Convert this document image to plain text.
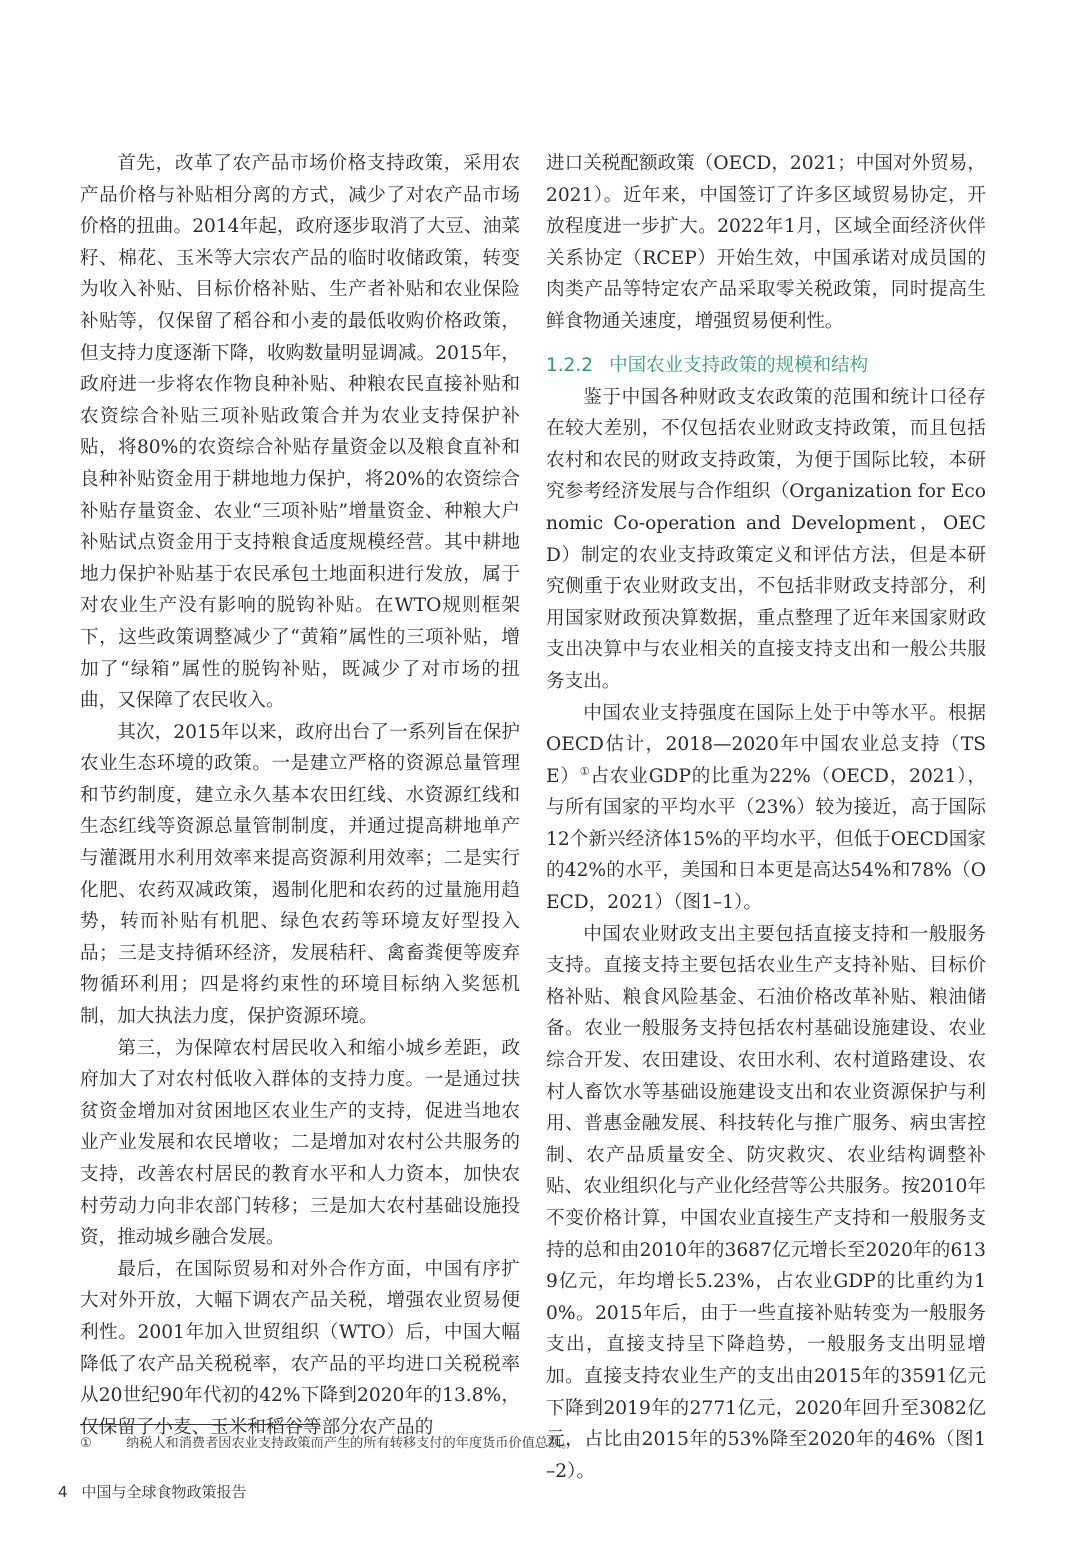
首先，改革了农产品市场价格支持政策，采用农产品价格与补贴相分离的方式，减少了对农产品市场价格的扭曲。2014年起，政府逐步取消了大豆、油菜籽、棉花、玉米等大宗农产品的临时收储政策，转变为收入补贴、目标价格补贴、生产者补贴和农业保险补贴等，仅保留了稻谷和小麦的最低收购价格政策，但支持力度逐渐下降，收购数量明显调减。2015年，政府进一步将农作物良种补贴、种粮农民直接补贴和农资综合补贴三项补贴政策合并为农业支持保护补贴，将80%的农资综合补贴存量资金以及粮食直补和良种补贴资金用于耕地地力保护，将20%的农资综合补贴存量资金、农业“三项补贴”增量资金、种粮大户补贴试点资金用于支持粮食适度规模经营。其中耕地地力保护补贴基于农民承包土地面积进行发放，属于对农业生产没有影响的脱钩补贴。在WTO规则框架下，这些政策调整减少了“黄箱”属性的三项补贴，增加了“绿箱”属性的脱钩补贴，既减少了对市场的扭曲，又保障了农民收入。

其次，2015年以来，政府出台了一系列旨在保护农业生态环境的政策。一是建立严格的资源总量管理和节约制度，建立永久基本农田红线、水资源红线和生态红线等资源总量管制制度，并通过提高耕地单产与灌溉用水利用效率来提高资源利用效率；二是实行化肥、农药双减政策，遏制化肥和农药的过量施用趋势，转而补贴有机肥、绿色农药等环境友好型投入品；三是支持循环经济，发展秸秆、禽畜粪便等废弃物循环利用；四是将约束性的环境目标纳入奖惩机制，加大执法力度，保护资源环境。

第三，为保障农村居民收入和缩小城乡差距，政府加大了对农村低收入群体的支持力度。一是通过扶贫资金增加对贫困地区农业生产的支持，促进当地农业产业发展和农民增收；二是增加对农村公共服务的支持，改善农村居民的教育水平和人力资本，加快农村劳动力向非农部门转移；三是加大农村基础设施投资，推动城乡融合发展。

最后，在国际贸易和对外合作方面，中国有序扩大对外开放，大幅下调农产品关税，增强农业贸易便利性。2001年加入世贸组织（WTO）后，中国大幅降低了农产品关税税率，农产品的平均进口关税税率从20世纪90年代初的42%下降到2020年的13.8%，仅保留了小麦、玉米和稻谷等部分农产品的

进口关税配额政策（OECD，2021；中国对外贸易，2021）。近年来，中国签订了许多区域贸易协定，开放程度进一步扩大。2022年1月，区域全面经济伙伴关系协定（RCEP）开始生效，中国承诺对成员国的肉类产品等特定农产品采取零关税政策，同时提高生鲜食物通关速度，增强贸易便利性。

1.2.2 中国农业支持政策的规模和结构

鉴于中国各种财政支农政策的范围和统计口径存在较大差别，不仅包括农业财政支持政策，而且包括农村和农民的财政支持政策，为便于国际比较，本研究参考经济发展与合作组织（Organization for Economic Co-operation and Development，OECD）制定的农业支持政策定义和评估方法，但是本研究侧重于农业财政支出，不包括非财政支持部分，利用国家财政预决算数据，重点整理了近年来国家财政支出决算中与农业相关的直接支持支出和一般公共服务支出。

中国农业支持强度在国际上处于中等水平。根据OECD估计，2018—2020年中国农业总支持（TSE）①占农业GDP的比重为22%（OECD，2021），与所有国家的平均水平（23%）较为接近，高于国际12个新兴经济体15%的平均水平，但低于OECD国家的42%的水平，美国和日本更是高达54%和78%（OECD，2021）（图1–1）。

中国农业财政支出主要包括直接支持和一般服务支持。直接支持主要包括农业生产支持补贴、目标价格补贴、粮食风险基金、石油价格改革补贴、粮油储备。农业一般服务支持包括农村基础设施建设、农业综合开发、农田建设、农田水利、农村道路建设、农村人畜饮水等基础设施建设支出和农业资源保护与利用、普惠金融发展、科技转化与推广服务、病虫害控制、农产品质量安全、防灾救灾、农业结构调整补贴、农业组织化与产业化经营等公共服务。按2010年不变价格计算，中国农业直接生产支持和一般服务支持的总和由2010年的3687亿元增长至2020年的6139亿元，年均增长5.23%，占农业GDP的比重约为10%。2015年后，由于一些直接补贴转变为一般服务支出，直接支持呈下降趋势，一般服务支出明显增加。直接支持农业生产的支出由2015年的3591亿元下降到2019年的2771亿元，2020年回升至3082亿元，占比由2015年的53%降至2020年的46%（图1–2）。

①	纳税人和消费者因农业支持政策而产生的所有转移支付的年度货币价值总额。
4 中国与全球食物政策报告
